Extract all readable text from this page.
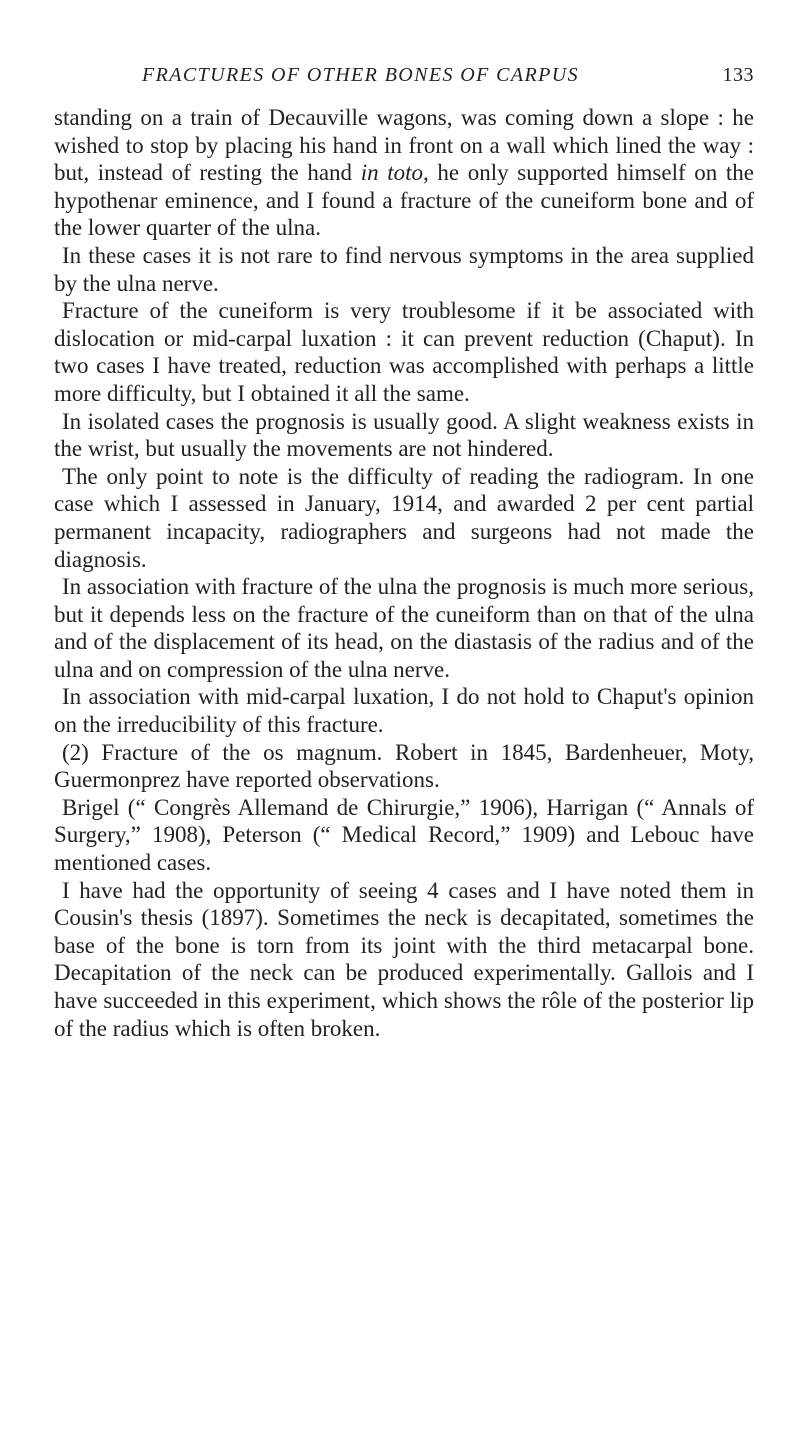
FRACTURES OF OTHER BONES OF CARPUS	133

standing on a train of Decauville wagons, was coming down a slope : he wished to stop by placing his hand in front on a wall which lined the way : but, instead of resting the hand in toto, he only supported himself on the hypothenar eminence, and I found a fracture of the cuneiform bone and of the lower quarter of the ulna.

In these cases it is not rare to find nervous symptoms in the area supplied by the ulna nerve.

Fracture of the cuneiform is very troublesome if it be associated with dislocation or mid-carpal luxation : it can prevent reduction (Chaput). In two cases I have treated, reduction was accomplished with perhaps a little more difficulty, but I obtained it all the same.

In isolated cases the prognosis is usually good. A slight weakness exists in the wrist, but usually the movements are not hindered.

The only point to note is the difficulty of reading the radiogram. In one case which I assessed in January, 1914, and awarded 2 per cent partial permanent incapacity, radiographers and surgeons had not made the diagnosis.

In association with fracture of the ulna the prognosis is much more serious, but it depends less on the fracture of the cuneiform than on that of the ulna and of the displacement of its head, on the diastasis of the radius and of the ulna and on compression of the ulna nerve.

In association with mid-carpal luxation, I do not hold to Chaput's opinion on the irreducibility of this fracture.

(2) Fracture of the os magnum. Robert in 1845, Bardenheuer, Moty, Guermonprez have reported observations.

Brigel (“ Congrès Allemand de Chirurgie,” 1906), Harrigan (“ Annals of Surgery,” 1908), Peterson (“ Medical Record,” 1909) and Lebouc have mentioned cases.

I have had the opportunity of seeing 4 cases and I have noted them in Cousin's thesis (1897). Sometimes the neck is decapitated, sometimes the base of the bone is torn from its joint with the third metacarpal bone. Decapitation of the neck can be produced experimentally. Gallois and I have succeeded in this experiment, which shows the rôle of the posterior lip of the radius which is often broken.
